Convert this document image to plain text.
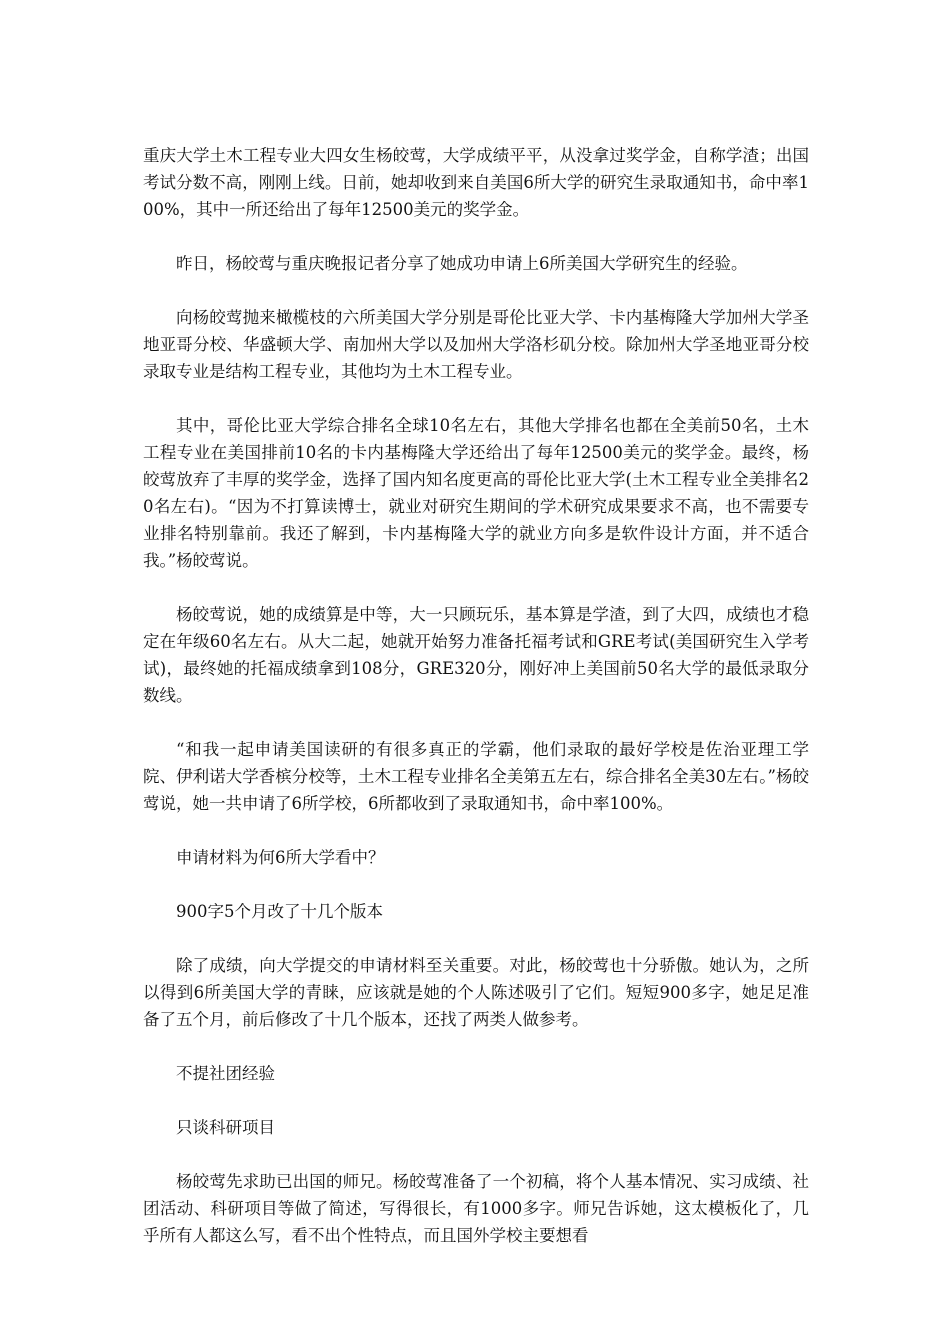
重庆大学土木工程专业大四女生杨皎莺，大学成绩平平，从没拿过奖学金，自称学渣；出国考试分数不高，刚刚上线。日前，她却收到来自美国6所大学的研究生录取通知书，命中率100%，其中一所还给出了每年12500美元的奖学金。

昨日，杨皎莺与重庆晚报记者分享了她成功申请上6所美国大学研究生的经验。

向杨皎莺抛来橄榄枝的六所美国大学分别是哥伦比亚大学、卡内基梅隆大学加州大学圣地亚哥分校、华盛顿大学、南加州大学以及加州大学洛杉矶分校。除加州大学圣地亚哥分校录取专业是结构工程专业，其他均为土木工程专业。

其中，哥伦比亚大学综合排名全球10名左右，其他大学排名也都在全美前50名，土木工程专业在美国排前10名的卡内基梅隆大学还给出了每年12500美元的奖学金。最终，杨皎莺放弃了丰厚的奖学金，选择了国内知名度更高的哥伦比亚大学(土木工程专业全美排名20名左右)。“因为不打算读博士，就业对研究生期间的学术研究成果要求不高，也不需要专业排名特别靠前。我还了解到，卡内基梅隆大学的就业方向多是软件设计方面，并不适合我。”杨皎莺说。

杨皎莺说，她的成绩算是中等，大一只顾玩乐，基本算是学渣，到了大四，成绩也才稳定在年级60名左右。从大二起，她就开始努力准备托福考试和GRE考试(美国研究生入学考试)，最终她的托福成绩拿到108分，GRE320分，刚好冲上美国前50名大学的最低录取分数线。

“和我一起申请美国读研的有很多真正的学霸，他们录取的最好学校是佐治亚理工学院、伊利诺大学香槟分校等，土木工程专业排名全美第五左右，综合排名全美30左右。”杨皎莺说，她一共申请了6所学校，6所都收到了录取通知书，命中率100%。

申请材料为何6所大学看中？

900字5个月改了十几个版本

除了成绩，向大学提交的申请材料至关重要。对此，杨皎莺也十分骄傲。她认为，之所以得到6所美国大学的青睐，应该就是她的个人陈述吸引了它们。短短900多字，她足足准备了五个月，前后修改了十几个版本，还找了两类人做参考。

不提社团经验

只谈科研项目

杨皎莺先求助已出国的师兄。杨皎莺准备了一个初稿，将个人基本情况、实习成绩、社团活动、科研项目等做了简述，写得很长，有1000多字。师兄告诉她，这太模板化了，几乎所有人都这么写，看不出个性特点，而且国外学校主要想看
